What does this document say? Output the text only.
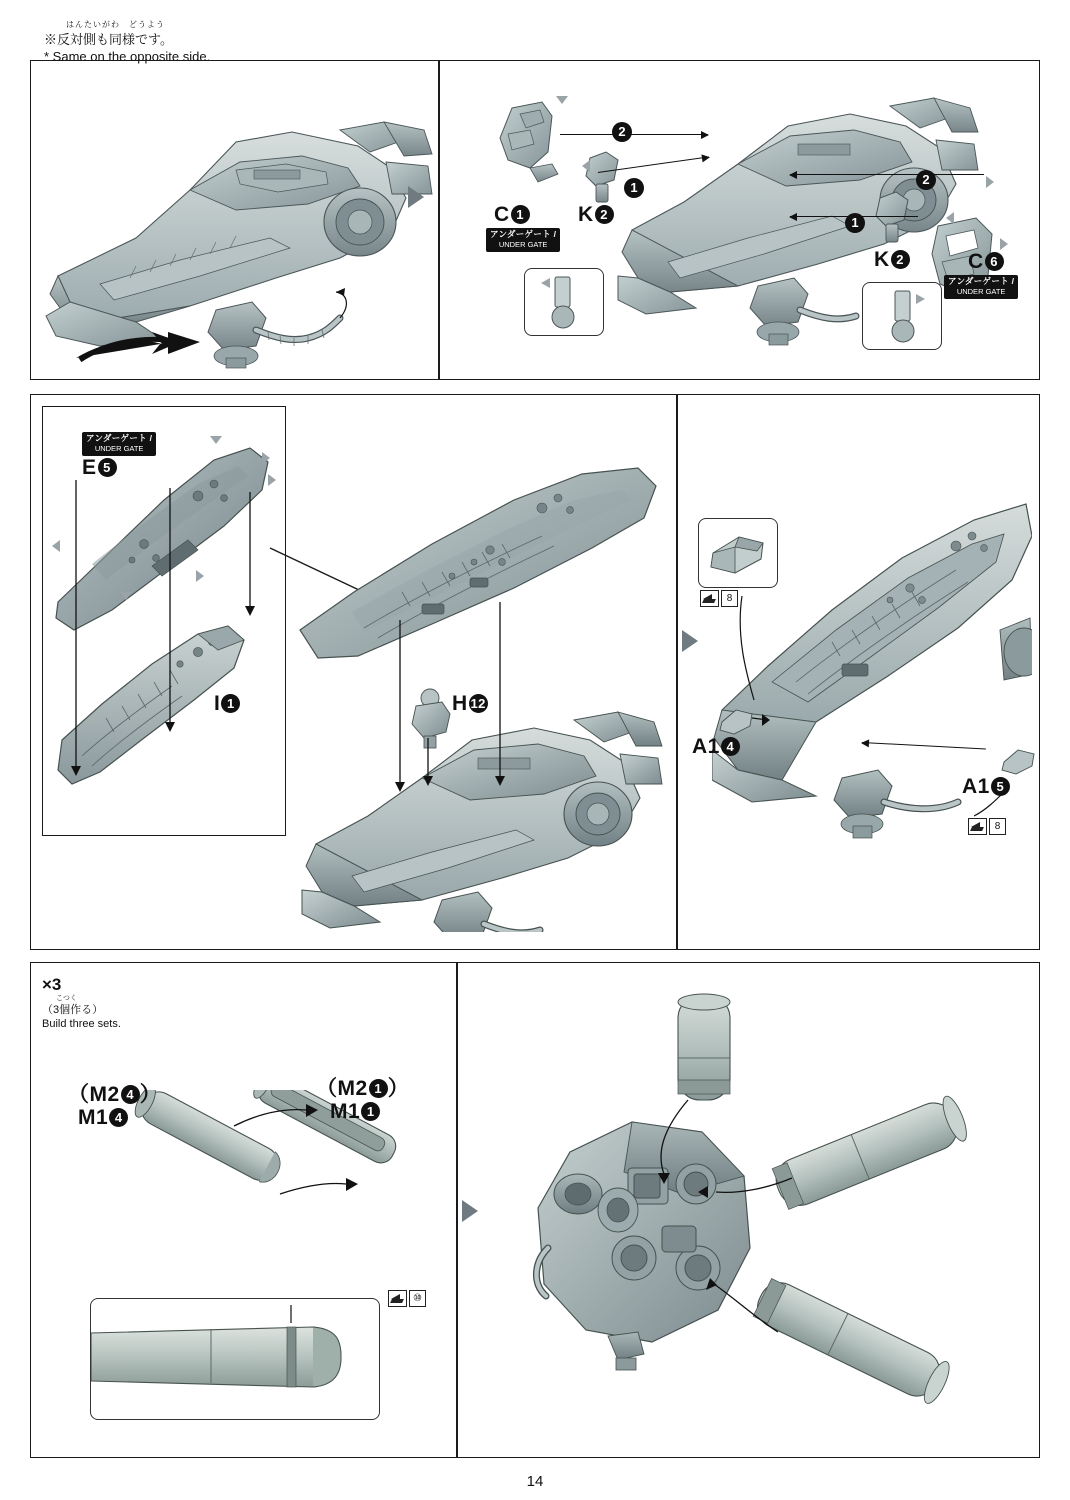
はんたいがわ　どうよう
※反対側も同様です。
* Same on the opposite side.
2
1
1
2
C 1
アンダーゲート /
UNDER GATE
K 2
K 2	C 6
アンダーゲート /
UNDER GATE
アンダーゲート /
UNDER GATE
E 5
I 1	H 12
8
A1 4
A1 5
8
×3
こつく
（3個作る）
Build three sets.
（M2 4 ）
M1 4
（M2 1 ）
M1 1
⑩
14
